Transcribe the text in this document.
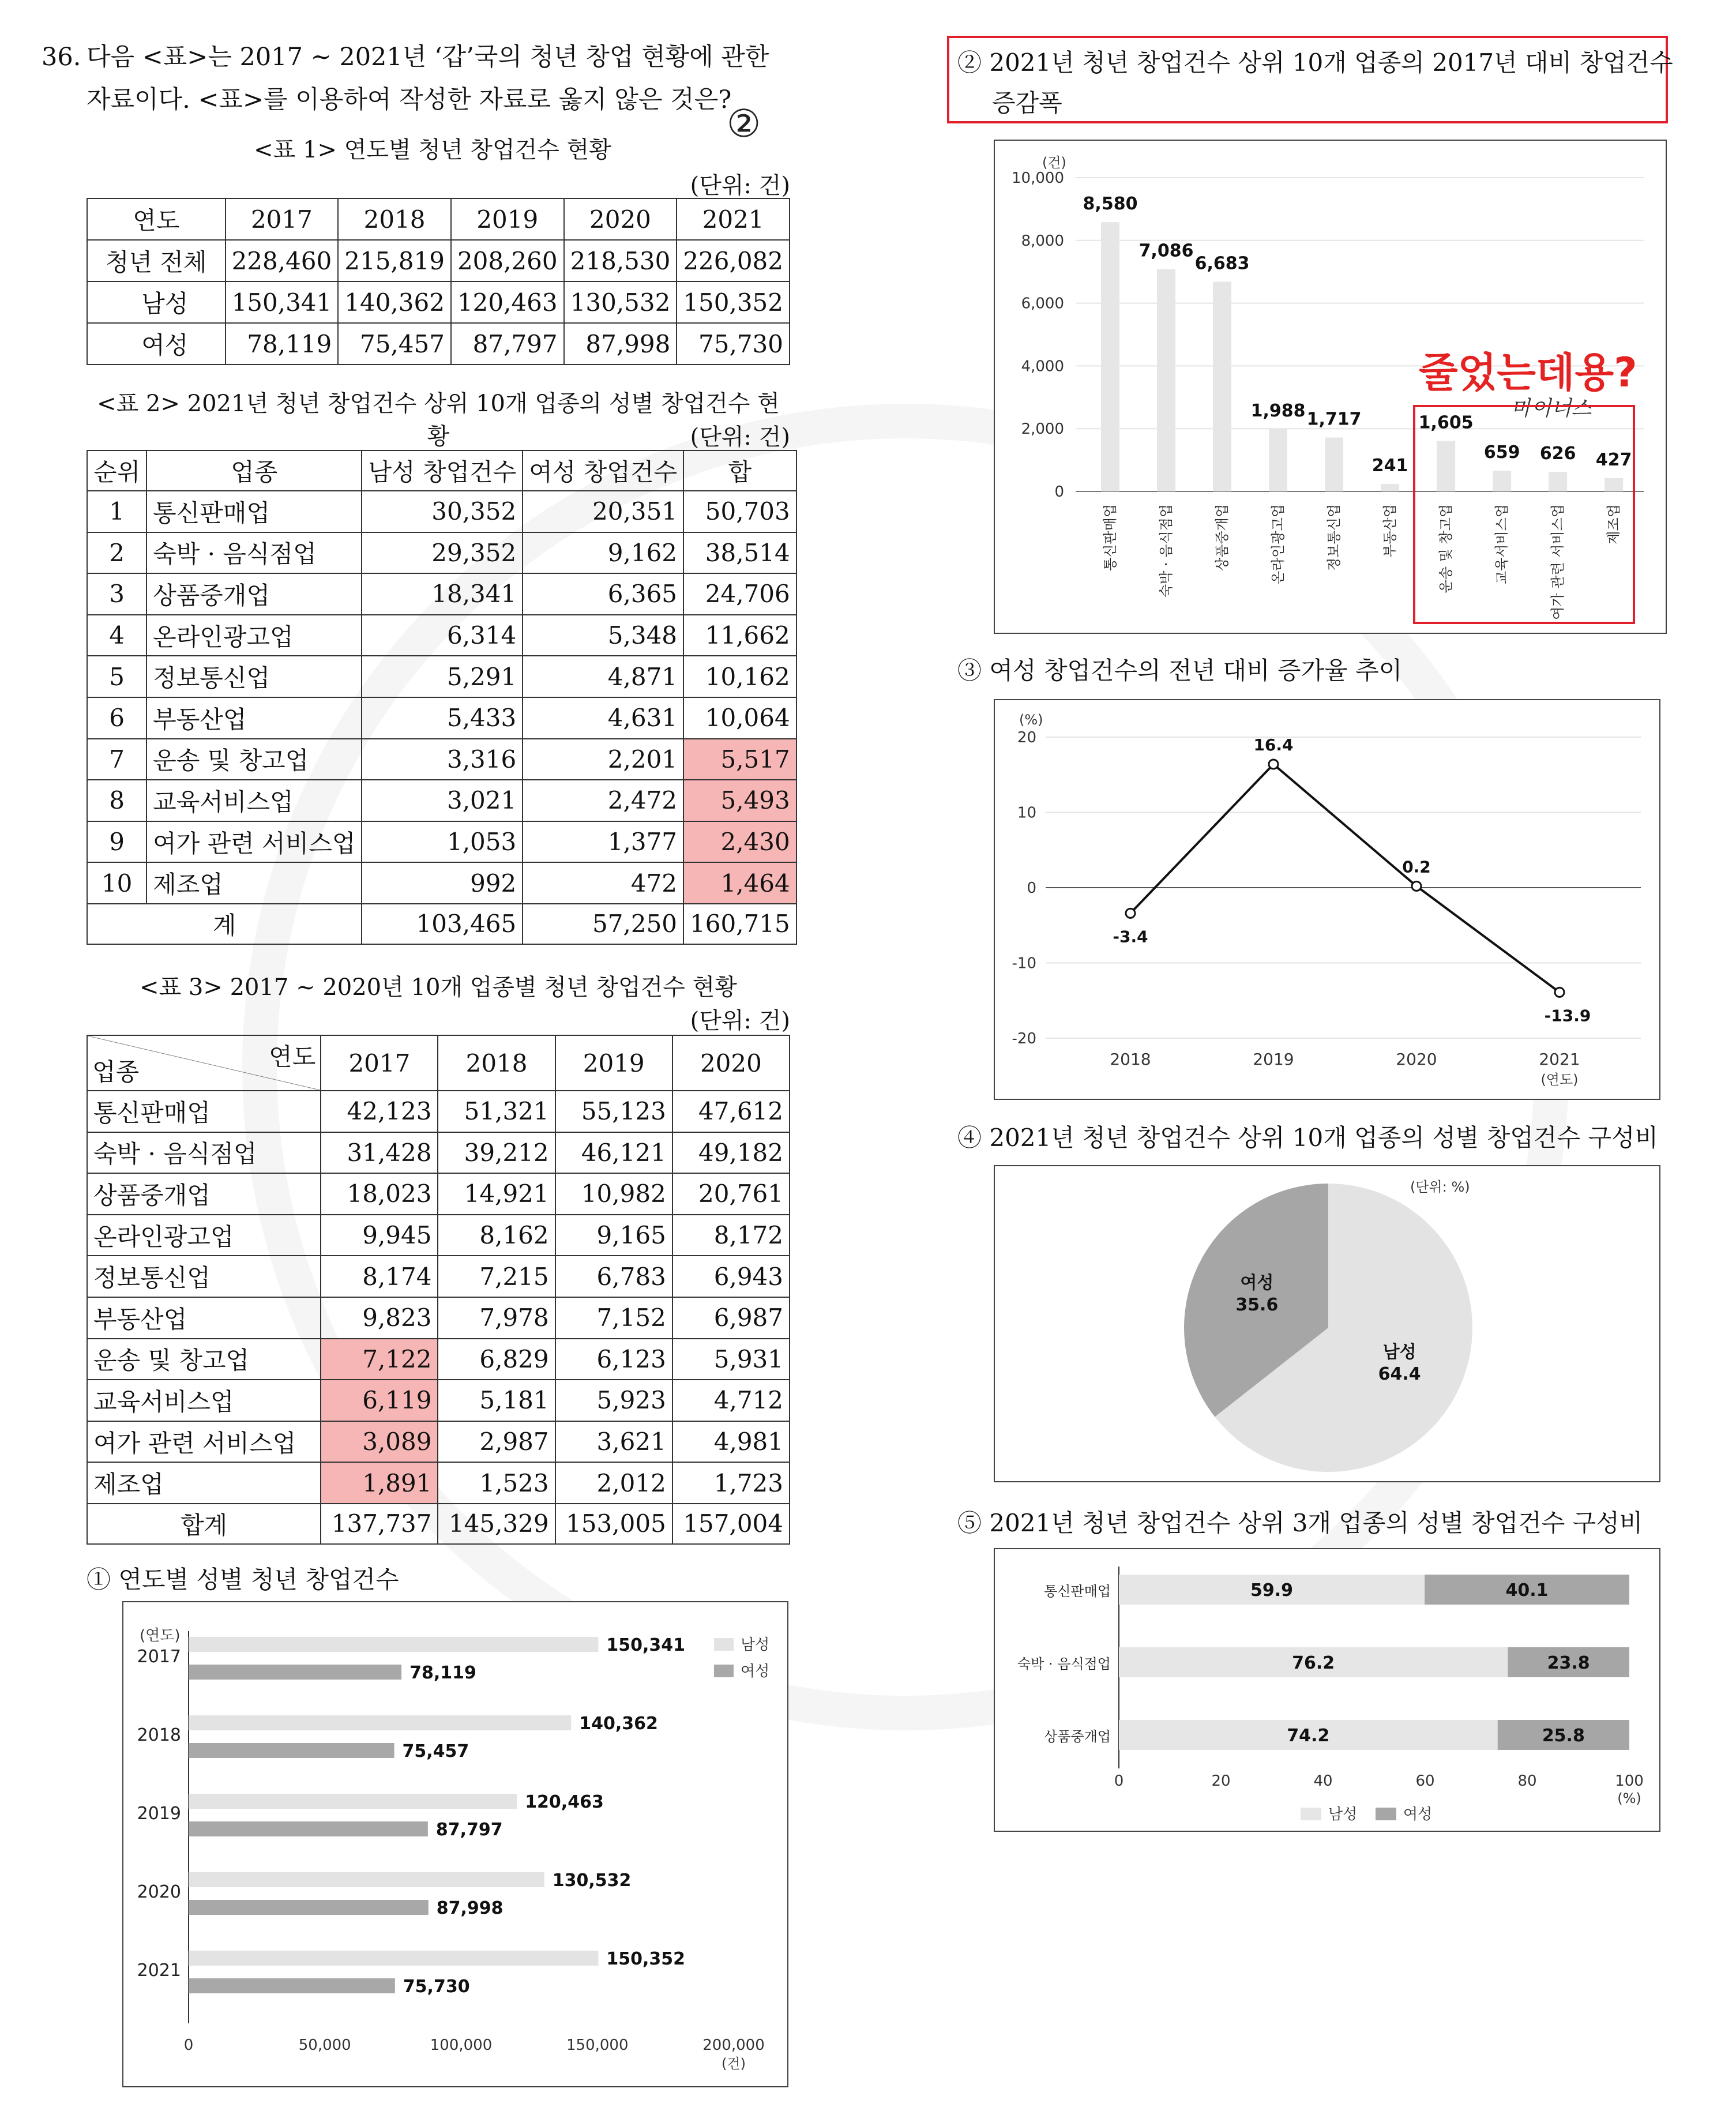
36. 다음 <표>는 2017 ~ 2021년 ‘갑’국의 청년 창업 현황에 관한
자료이다. <표>를 이용하여 작성한 자료로 옳지 않은 것은?
②
<표 1> 연도별 청년 창업건수 현황
(단위: 건)
연도	2017	2018	2019	2020	2021
청년 전체	228,460	215,819	208,260	218,530	226,082
남성	150,341	140,362	120,463	130,532	150,352
여성	78,119	75,457	87,797	87,998	75,730
<표 2> 2021년 청년 창업건수 상위 10개 업종의 성별 창업건수 현황	(단위: 건)
순위	업종	남성 창업건수	여성 창업건수	합
1	통신판매업	30,352	20,351	50,703
2	숙박 · 음식점업	29,352	9,162	38,514
3	상품중개업	18,341	6,365	24,706
4	온라인광고업	6,314	5,348	11,662
5	정보통신업	5,291	4,871	10,162
6	부동산업	5,433	4,631	10,064
7	운송 및 창고업	3,316	2,201	5,517
8	교육서비스업	3,021	2,472	5,493
9	여가 관련 서비스업	1,053	1,377	2,430
10	제조업	992	472	1,464
계		103,465	57,250	160,715
<표 3> 2017 ~ 2020년 10개 업종별 청년 창업건수 현황
(단위: 건)
연도
업종	2017	2018	2019	2020
통신판매업	42,123	51,321	55,123	47,612
숙박 · 음식점업	31,428	39,212	46,121	49,182
상품중개업	18,023	14,921	10,982	20,761
온라인광고업	9,945	8,162	9,165	8,172
정보통신업	8,174	7,215	6,783	6,943
부동산업	9,823	7,978	7,152	6,987
운송 및 창고업	7,122	6,829	6,123	5,931
교육서비스업	6,119	5,181	5,923	4,712
여가 관련 서비스업	3,089	2,987	3,621	4,981
제조업	1,891	1,523	2,012	1,723
합계	137,737	145,329	153,005	157,004
① 연도별 성별 청년 창업건수
(연도)
0	50,000	100,000	150,000	200,000
(건)
2017
150,341
78,119
2018
140,362
75,457
2019
120,463
87,797
2020
130,532
87,998
2021
150,352
75,730
남성
여성
② 2021년 청년 창업건수 상위 10개 업종의 2017년 대비 창업건수
증감폭
(건)
0
2,000
4,000
6,000
8,000
10,000
8,580
통신판매업
7,086
숙박 · 음식점업
6,683
상품중개업
1,988
온라인광고업
1,717
정보통신업
241
부동산업
1,605
운송 및 창고업
659
교육서비스업
626
여가 관련 서비스업
427
제조업
줄었는데용?
마이너스
③ 여성 창업건수의 전년 대비 증가율 추이
(%)
20
10
0
-10
-20
-3.4
2018
16.4
2019
0.2
2020
-13.9
2021
(연도)
④ 2021년 청년 창업건수 상위 10개 업종의 성별 창업건수 구성비
(단위: %)
남성
64.4
여성
35.6
⑤ 2021년 청년 창업건수 상위 3개 업종의 성별 창업건수 구성비
0	20	40	60	80	100
(%)
통신판매업	59.9	40.1
숙박 · 음식점업	76.2	23.8
상품중개업	74.2	25.8
남성	여성
